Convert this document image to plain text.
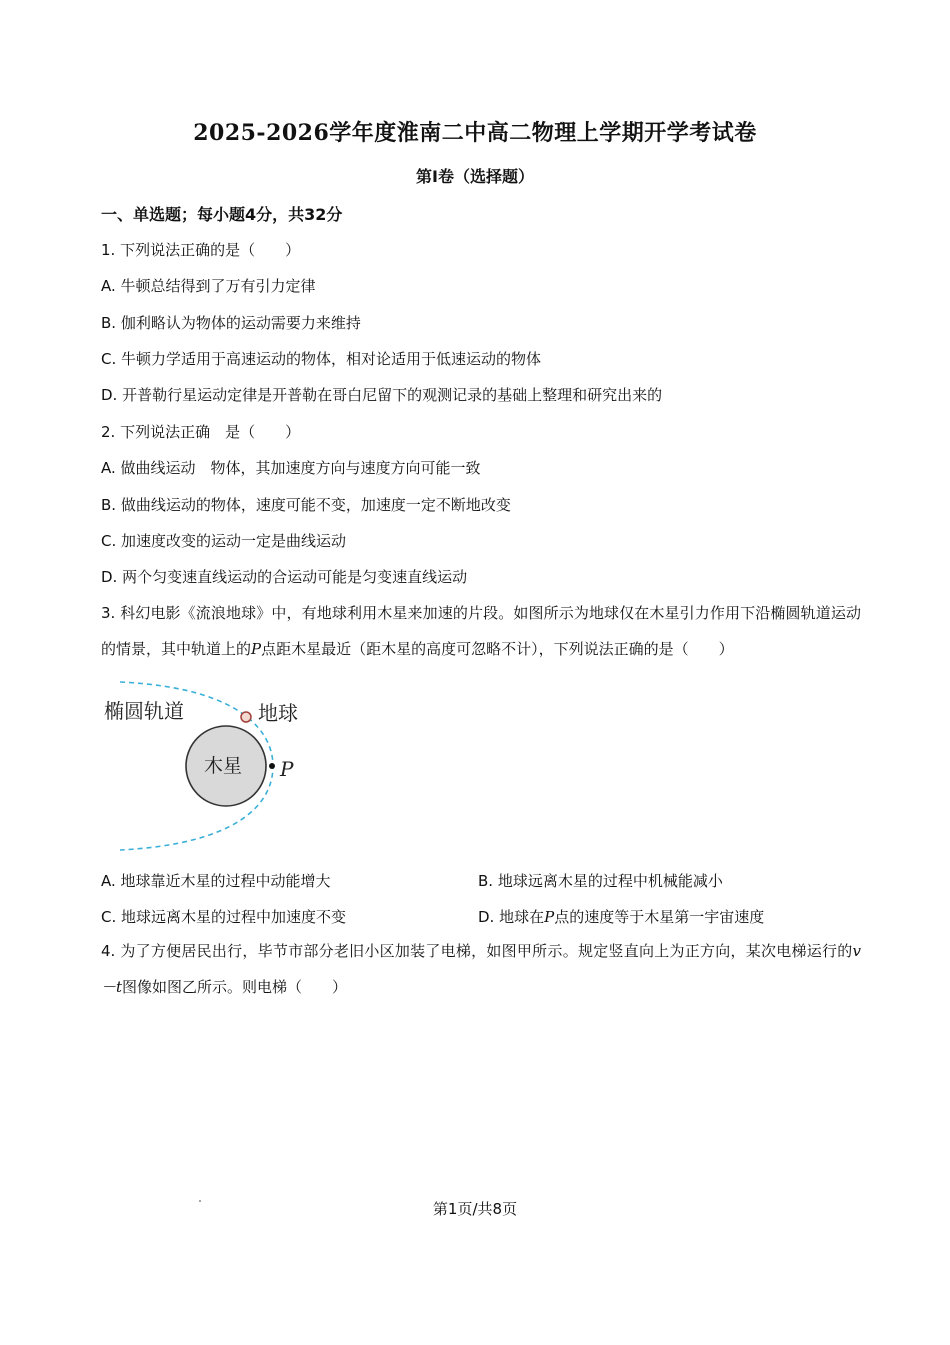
2025-2026学年度淮南二中高二物理上学期开学考试卷
第Ⅰ卷（选择题）
一、单选题；每小题4分，共32分
1. 下列说法正确的是（　　）
A. 牛顿总结得到了万有引力定律
B. 伽利略认为物体的运动需要力来维持
C. 牛顿力学适用于高速运动的物体，相对论适用于低速运动的物体
D. 开普勒行星运动定律是开普勒在哥白尼留下的观测记录的基础上整理和研究出来的
2. 下列说法正确　是（　　）
A. 做曲线运动　物体，其加速度方向与速度方向可能一致
B. 做曲线运动的物体，速度可能不变，加速度一定不断地改变
C. 加速度改变的运动一定是曲线运动
D. 两个匀变速直线运动的合运动可能是匀变速直线运动
3. 科幻电影《流浪地球》中，有地球利用木星来加速的片段。如图所示为地球仅在木星引力作用下沿椭圆轨道运动的情景，其中轨道上的P点距木星最近（距木星的高度可忽略不计），下列说法正确的是（　　）
椭圆轨道	地球
木星 P
A. 地球靠近木星的过程中动能增大	B. 地球远离木星的过程中机械能减小
C. 地球远离木星的过程中加速度不变	D. 地球在P点的速度等于木星第一宇宙速度
4. 为了方便居民出行，毕节市部分老旧小区加装了电梯，如图甲所示。规定竖直向上为正方向，某次电梯运行的v－t图像如图乙所示。则电梯（　　）
第1页/共8页
